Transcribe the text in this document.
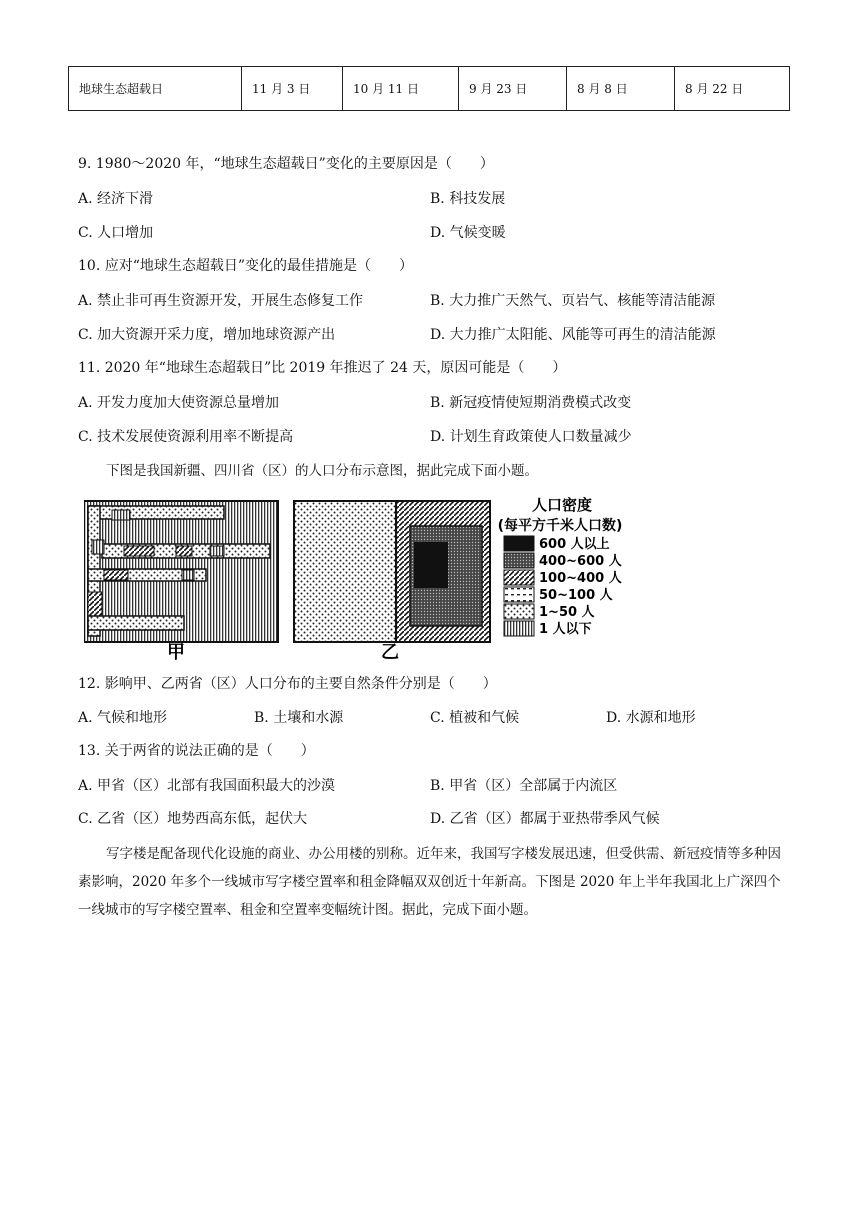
地球生态超载日	11 月 3 日	10 月 11 日	9 月 23 日	8 月 8 日	8 月 22 日
9. 1980～2020 年，“地球生态超载日”变化的主要原因是（　　）
A. 经济下滑	B. 科技发展
C. 人口增加	D. 气候变暖
10. 应对“地球生态超载日”变化的最佳措施是（　　）
A. 禁止非可再生资源开发，开展生态修复工作	B. 大力推广天然气、页岩气、核能等清洁能源
C. 加大资源开采力度，增加地球资源产出	D. 大力推广太阳能、风能等可再生的清洁能源
11. 2020 年“地球生态超载日”比 2019 年推迟了 24 天，原因可能是（　　）
A. 开发力度加大使资源总量增加	B. 新冠疫情使短期消费模式改变
C. 技术发展使资源利用率不断提高	D. 计划生育政策使人口数量减少
下图是我国新疆、四川省（区）的人口分布示意图，据此完成下面小题。
甲	乙
人口密度
(每平方千米人口数)
600 人以上
400~600 人
100~400 人
50~100 人
1~50 人
1 人以下
12. 影响甲、乙两省（区）人口分布的主要自然条件分别是（　　）
A. 气候和地形	B. 土壤和水源	C. 植被和气候	D. 水源和地形
13. 关于两省的说法正确的是（　　）
A. 甲省（区）北部有我国面积最大的沙漠	B. 甲省（区）全部属于内流区
C. 乙省（区）地势西高东低，起伏大	D. 乙省（区）都属于亚热带季风气候
写字楼是配备现代化设施的商业、办公用楼的别称。近年来，我国写字楼发展迅速，但受供需、新冠疫情等多种因素影响，2020 年多个一线城市写字楼空置率和租金降幅双双创近十年新高。下图是 2020 年上半年我国北上广深四个一线城市的写字楼空置率、租金和空置率变幅统计图。据此，完成下面小题。
